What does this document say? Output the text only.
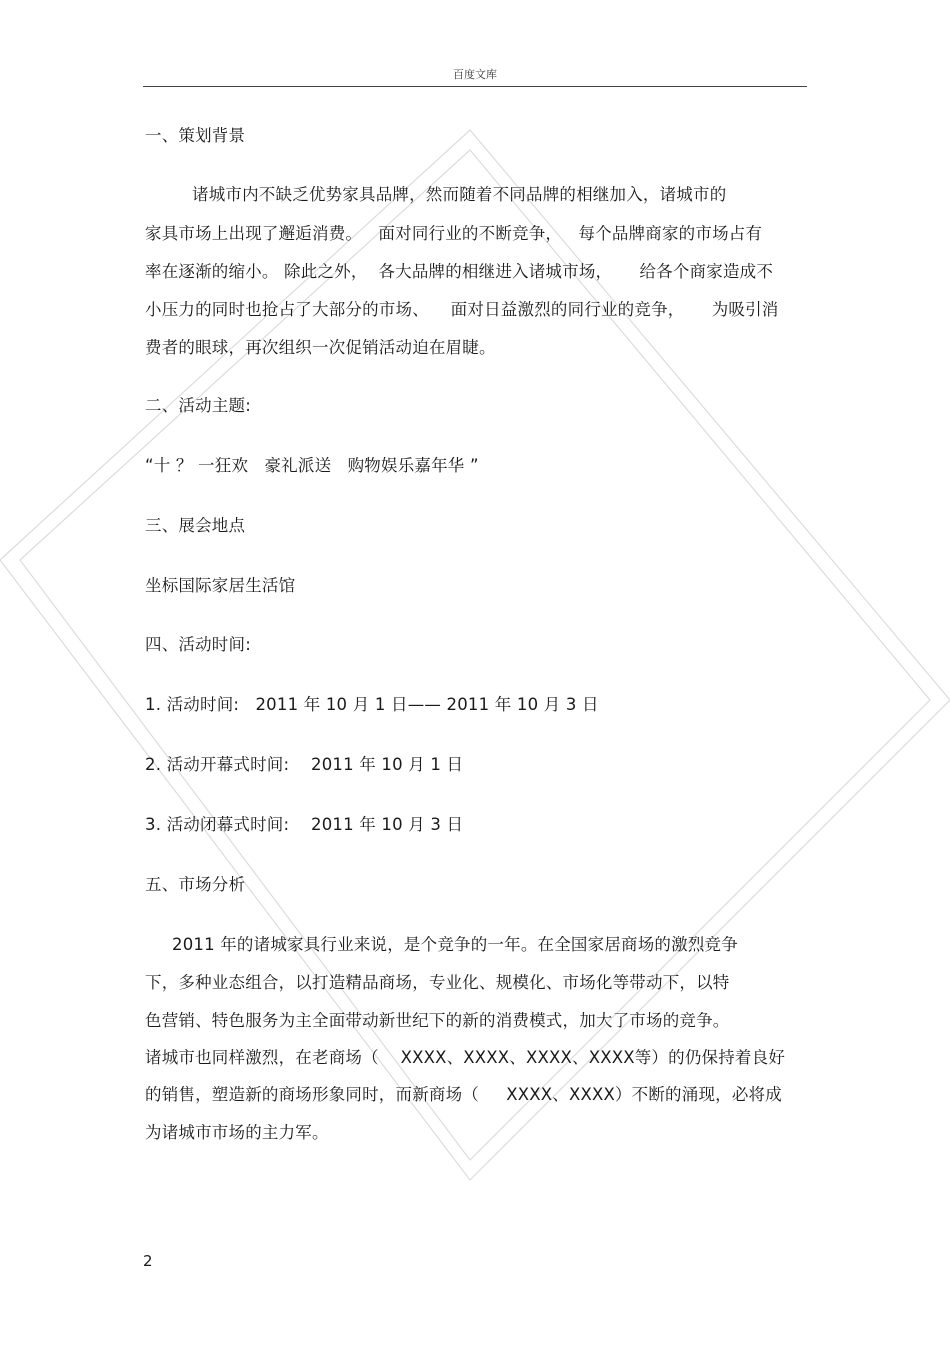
百度文库
一、策划背景
诸城市内不缺乏优势家具品牌，然而随着不同品牌的相继加入，诸城市的
家具市场上出现了邂逅消费。   面对同行业的不断竞争，   每个品牌商家的市场占有
率在逐渐的缩小。 除此之外，  各大品牌的相继进入诸城市场，     给各个商家造成不
小压力的同时也抢占了大部分的市场、    面对日益激烈的同行业的竞争，     为吸引消
费者的眼球，再次组织一次促销活动迫在眉睫。
二、活动主题:
“十 ？ 一狂欢   豪礼派送   购物娱乐嘉年华 ”
三、展会地点
坐标国际家居生活馆
四、活动时间:
1. 活动时间:   2011 年 10 月 1 日—— 2011 年 10 月 3 日
2. 活动开幕式时间:    2011 年 10 月 1 日
3. 活动闭幕式时间:    2011 年 10 月 3 日
五、市场分析
2011 年的诸城家具行业来说，是个竞争的一年。在全国家居商场的激烈竞争
下，多种业态组合，以打造精品商场，专业化、规模化、市场化等带动下，以特
色营销、特色服务为主全面带动新世纪下的新的消费模式，加大了市场的竞争。
诸城市也同样激烈，在老商场（    XXXX、XXXX、XXXX、XXXX等）的仍保持着良好
的销售，塑造新的商场形象同时，而新商场（     XXXX、XXXX）不断的涌现，必将成
为诸城市市场的主力军。
2
